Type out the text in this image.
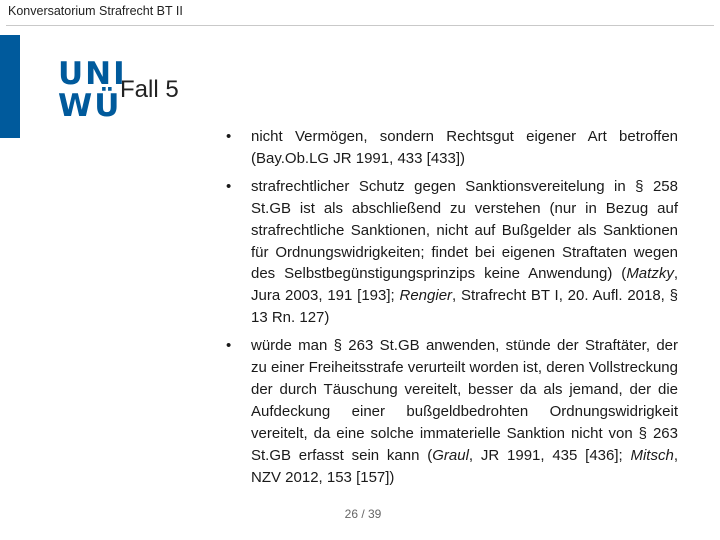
Konversatorium Strafrecht BT II
UNI
WÜ
Fall 5
• nicht Vermögen, sondern Rechtsgut eigener Art betroffen (Bay.Ob.LG JR 1991, 433 [433])
• strafrechtlicher Schutz gegen Sanktionsvereitelung in § 258 St.GB ist als abschließend zu verstehen (nur in Bezug auf strafrechtliche Sanktionen, nicht auf Bußgelder als Sanktionen für Ordnungswidrigkeiten; findet bei eigenen Straftaten wegen des Selbstbegünstigungsprinzips keine Anwendung) (Matzky, Jura 2003, 191 [193]; Rengier, Strafrecht BT I, 20. Aufl. 2018, § 13 Rn. 127)
• würde man § 263 St.GB anwenden, stünde der Straftäter, der zu einer Freiheitsstrafe verurteilt worden ist, deren Vollstreckung der durch Täuschung vereitelt, besser da als jemand, der die Aufdeckung einer bußgeldbedrohten Ordnungswidrigkeit vereitelt, da eine solche immaterielle Sanktion nicht von § 263 St.GB erfasst sein kann (Graul, JR 1991, 435 [436]; Mitsch, NZV 2012, 153 [157])
26 / 39
